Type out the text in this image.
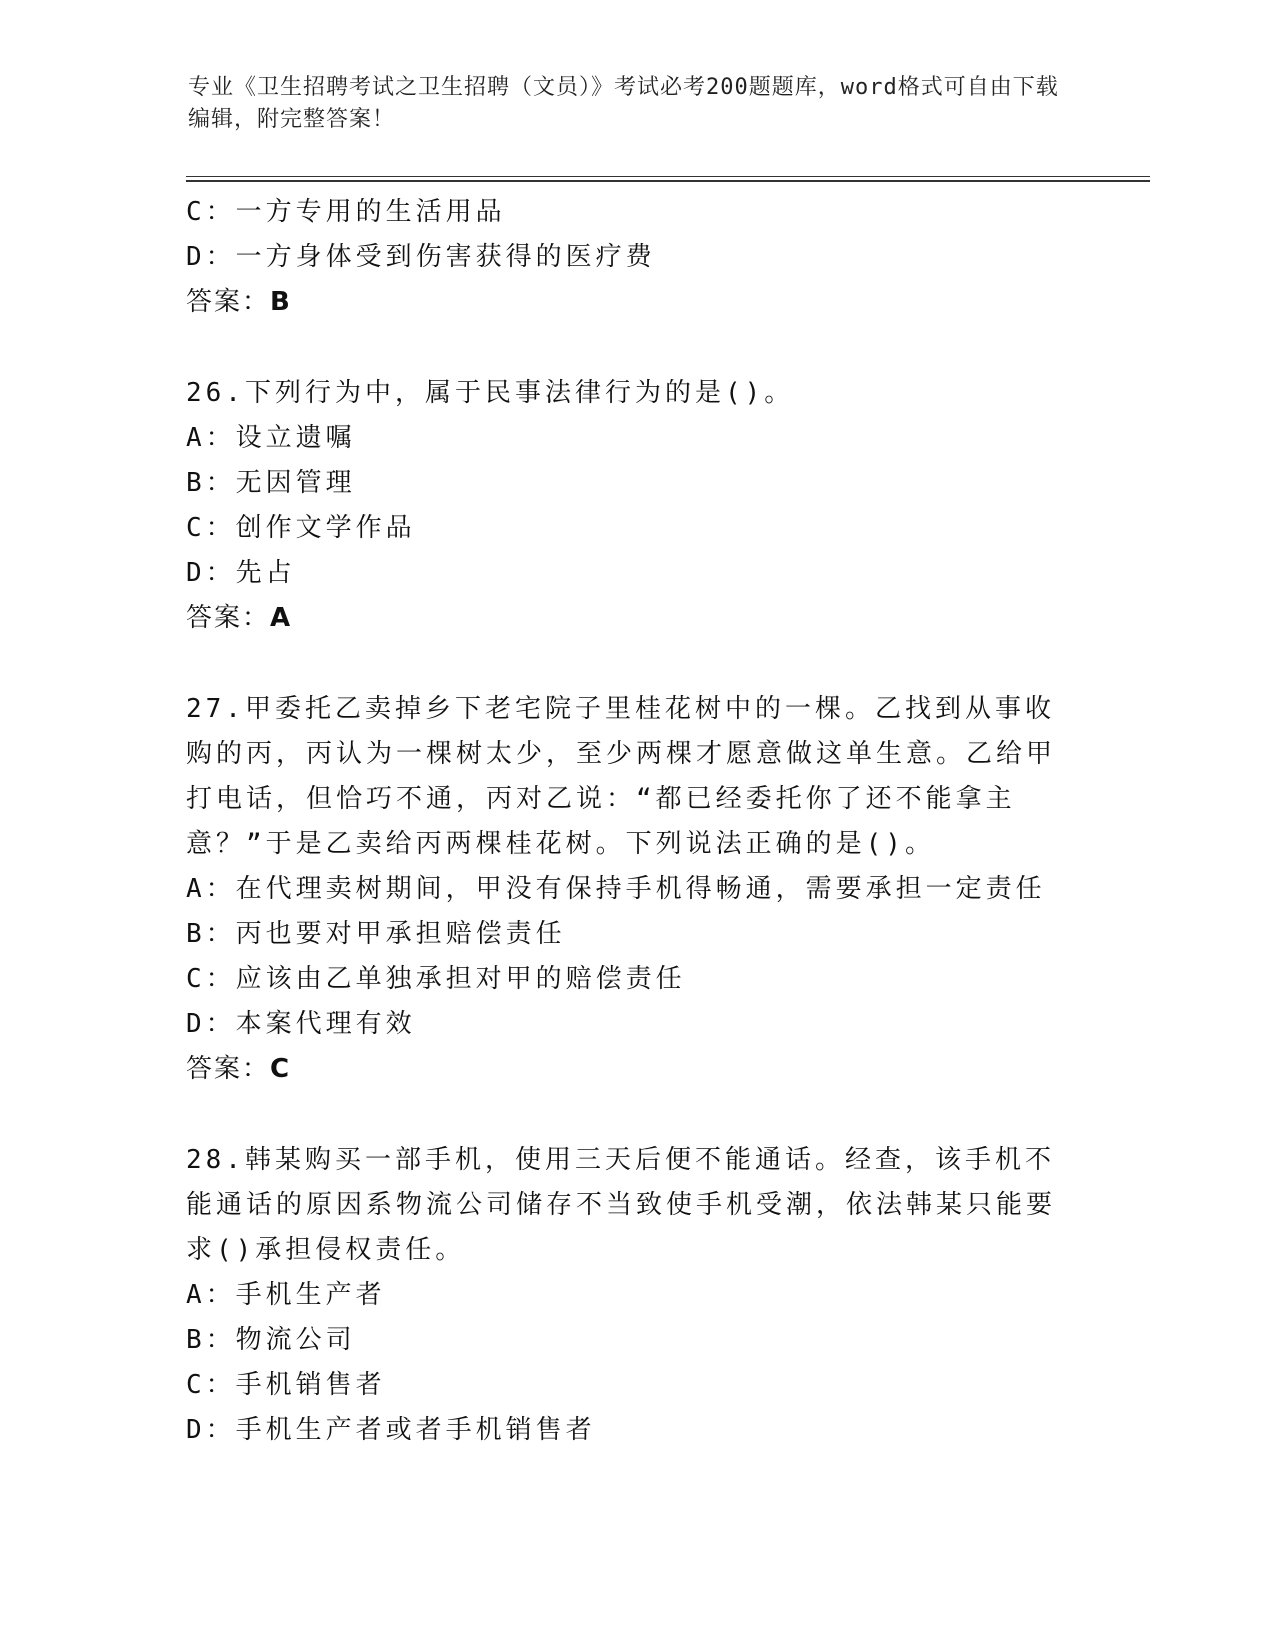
专业《卫生招聘考试之卫生招聘（文员）》考试必考200题题库，word格式可自由下载编辑，附完整答案！
C：一方专用的生活用品
D：一方身体受到伤害获得的医疗费
答案：B
26.下列行为中，属于民事法律行为的是()。
A：设立遗嘱
B：无因管理
C：创作文学作品
D：先占
答案：A
27.甲委托乙卖掉乡下老宅院子里桂花树中的一棵。乙找到从事收购的丙，丙认为一棵树太少，至少两棵才愿意做这单生意。乙给甲打电话，但恰巧不通，丙对乙说：“都已经委托你了还不能拿主意？”于是乙卖给丙两棵桂花树。下列说法正确的是()。
A：在代理卖树期间，甲没有保持手机得畅通，需要承担一定责任
B：丙也要对甲承担赔偿责任
C：应该由乙单独承担对甲的赔偿责任
D：本案代理有效
答案：C
28.韩某购买一部手机，使用三天后便不能通话。经查，该手机不能通话的原因系物流公司储存不当致使手机受潮，依法韩某只能要求()承担侵权责任。
A：手机生产者
B：物流公司
C：手机销售者
D：手机生产者或者手机销售者
